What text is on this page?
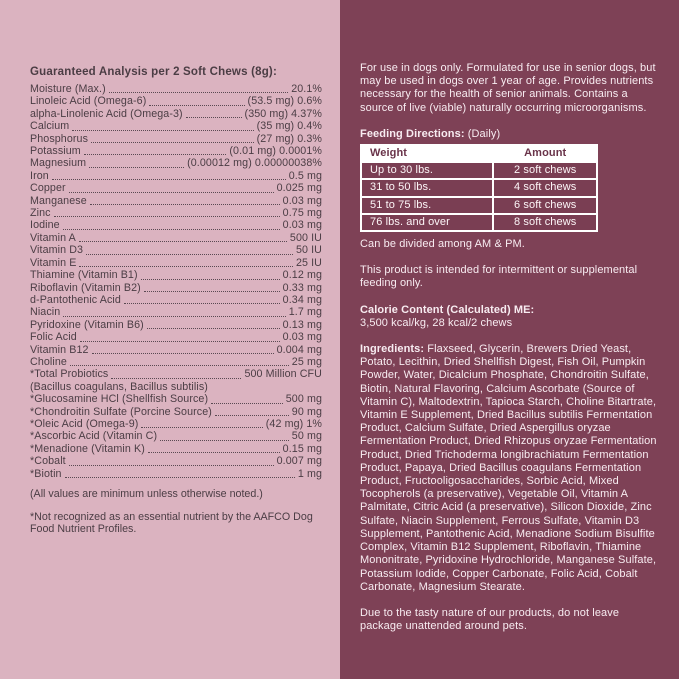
Guaranteed Analysis per 2 Soft Chews (8g):
Moisture (Max.)	20.1%
Linoleic Acid (Omega-6)	(53.5 mg) 0.6%
alpha-Linolenic Acid (Omega-3)	(350 mg) 4.37%
Calcium	(35 mg) 0.4%
Phosphorus	(27 mg) 0.3%
Potassium	(0.01 mg) 0.0001%
Magnesium	(0.00012 mg) 0.00000038%
Iron	0.5 mg
Copper	0.025 mg
Manganese	0.03 mg
Zinc	0.75 mg
Iodine	0.03 mg
Vitamin A	500 IU
Vitamin D3	50 IU
Vitamin E	25 IU
Thiamine (Vitamin B1)	0.12 mg
Riboflavin (Vitamin B2)	0.33 mg
d-Pantothenic Acid	0.34 mg
Niacin	1.7 mg
Pyridoxine (Vitamin B6)	0.13 mg
Folic Acid	0.03 mg
Vitamin B12	0.004 mg
Choline	25 mg
*Total Probiotics	500 Million CFU
(Bacillus coagulans, Bacillus subtilis)
*Glucosamine HCl (Shellfish Source)	500 mg
*Chondroitin Sulfate (Porcine Source)	90 mg
*Oleic Acid (Omega-9)	(42 mg) 1%
*Ascorbic Acid (Vitamin C)	50 mg
*Menadione (Vitamin K)	0.15 mg
*Cobalt	0.007 mg
*Biotin	1 mg

(All values are minimum unless otherwise noted.)

*Not recognized as an essential nutrient by the AAFCO Dog Food Nutrient Profiles.

For use in dogs only. Formulated for use in senior dogs, but may be used in dogs over 1 year of age. Provides nutrients necessary for the health of senior animals. Contains a source of live (viable) naturally occurring microorganisms.

Feeding Directions: (Daily)

Weight	Amount
Up to 30 lbs.	2 soft chews
31 to 50 lbs.	4 soft chews
51 to 75 lbs.	6 soft chews
76 lbs. and over	8 soft chews

Can be divided among AM & PM.

This product is intended for intermittent or supplemental feeding only.

Calorie Content (Calculated) ME:

3,500 kcal/kg, 28 kcal/2 chews

Ingredients: Flaxseed, Glycerin, Brewers Dried Yeast, Potato, Lecithin, Dried Shellfish Digest, Fish Oil, Pumpkin Powder, Water, Dicalcium Phosphate, Chondroitin Sulfate, Biotin, Natural Flavoring, Calcium Ascorbate (Source of Vitamin C), Maltodextrin, Tapioca Starch, Choline Bitartrate, Vitamin E Supplement, Dried Bacillus subtilis Fermentation Product, Calcium Sulfate, Dried Aspergillus oryzae Fermentation Product, Dried Rhizopus oryzae Fermentation Product, Dried Trichoderma longibrachiatum Fermentation Product, Papaya, Dried Bacillus coagulans Fermentation Product, Fructooligosaccharides, Sorbic Acid, Mixed Tocopherols (a preservative), Vegetable Oil, Vitamin A Palmitate, Citric Acid (a preservative), Silicon Dioxide, Zinc Sulfate, Niacin Supplement, Ferrous Sulfate, Vitamin D3 Supplement, Pantothenic Acid, Menadione Sodium Bisulfite Complex, Vitamin B12 Supplement, Riboflavin, Thiamine Mononitrate, Pyridoxine Hydrochloride, Manganese Sulfate, Potassium Iodide, Copper Carbonate, Folic Acid, Cobalt Carbonate, Magnesium Stearate.

Due to the tasty nature of our products, do not leave package unattended around pets.
